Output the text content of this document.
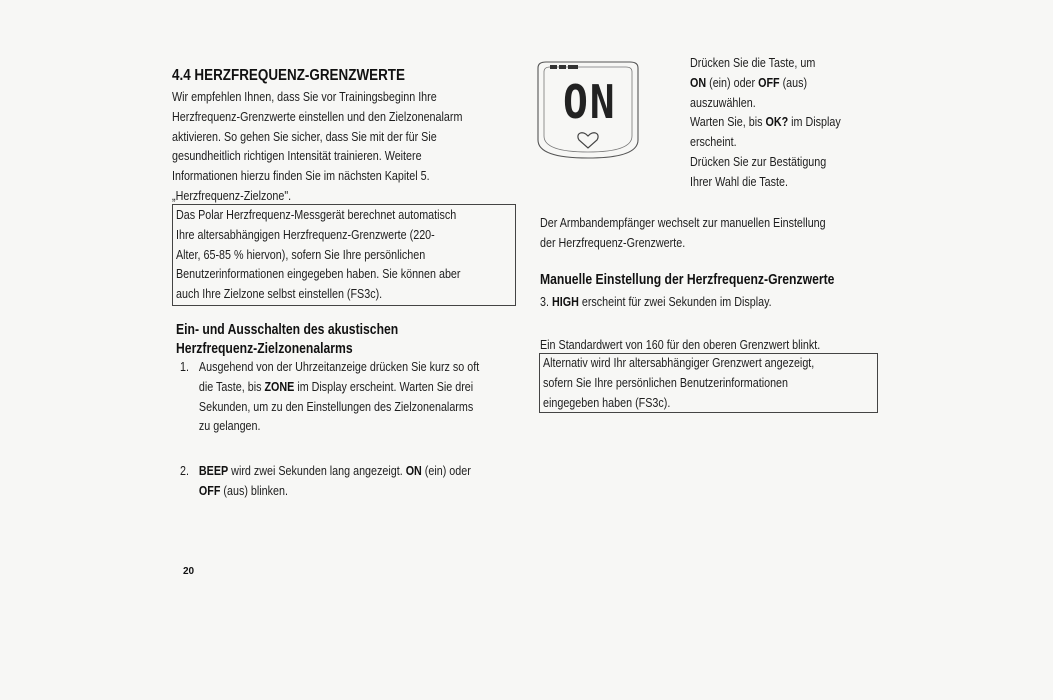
4.4 HERZFREQUENZ-GRENZWERTE
Wir empfehlen Ihnen, dass Sie vor Trainingsbeginn Ihre
Herzfrequenz-Grenzwerte einstellen und den Zielzonenalarm
aktivieren. So gehen Sie sicher, dass Sie mit der für Sie
gesundheitlich richtigen Intensität trainieren. Weitere
Informationen hierzu finden Sie im nächsten Kapitel 5.
„Herzfrequenz-Zielzone".
Das Polar Herzfrequenz-Messgerät berechnet automatisch
Ihre altersabhängigen Herzfrequenz-Grenzwerte (220-
Alter, 65-85 % hiervon), sofern Sie Ihre persönlichen
Benutzerinformationen eingegeben haben. Sie können aber
auch Ihre Zielzone selbst einstellen (FS3c).
Ein- und Ausschalten des akustischen
Herzfrequenz-Zielzonenalarms
1. Ausgehend von der Uhrzeitanzeige drücken Sie kurz so oft
die Taste, bis ZONE im Display erscheint. Warten Sie drei
Sekunden, um zu den Einstellungen des Zielzonenalarms
zu gelangen.
2. BEEP wird zwei Sekunden lang angezeigt. ON (ein) oder
OFF (aus) blinken.
20
ON
Drücken Sie die Taste, um
ON (ein) oder OFF (aus)
auszuwählen.
Warten Sie, bis OK? im Display
erscheint.
Drücken Sie zur Bestätigung
Ihrer Wahl die Taste.
Der Armbandempfänger wechselt zur manuellen Einstellung
der Herzfrequenz-Grenzwerte.
Manuelle Einstellung der Herzfrequenz-Grenzwerte
3. HIGH erscheint für zwei Sekunden im Display.
Ein Standardwert von 160 für den oberen Grenzwert blinkt.
Alternativ wird Ihr altersabhängiger Grenzwert angezeigt,
sofern Sie Ihre persönlichen Benutzerinformationen
eingegeben haben (FS3c).
